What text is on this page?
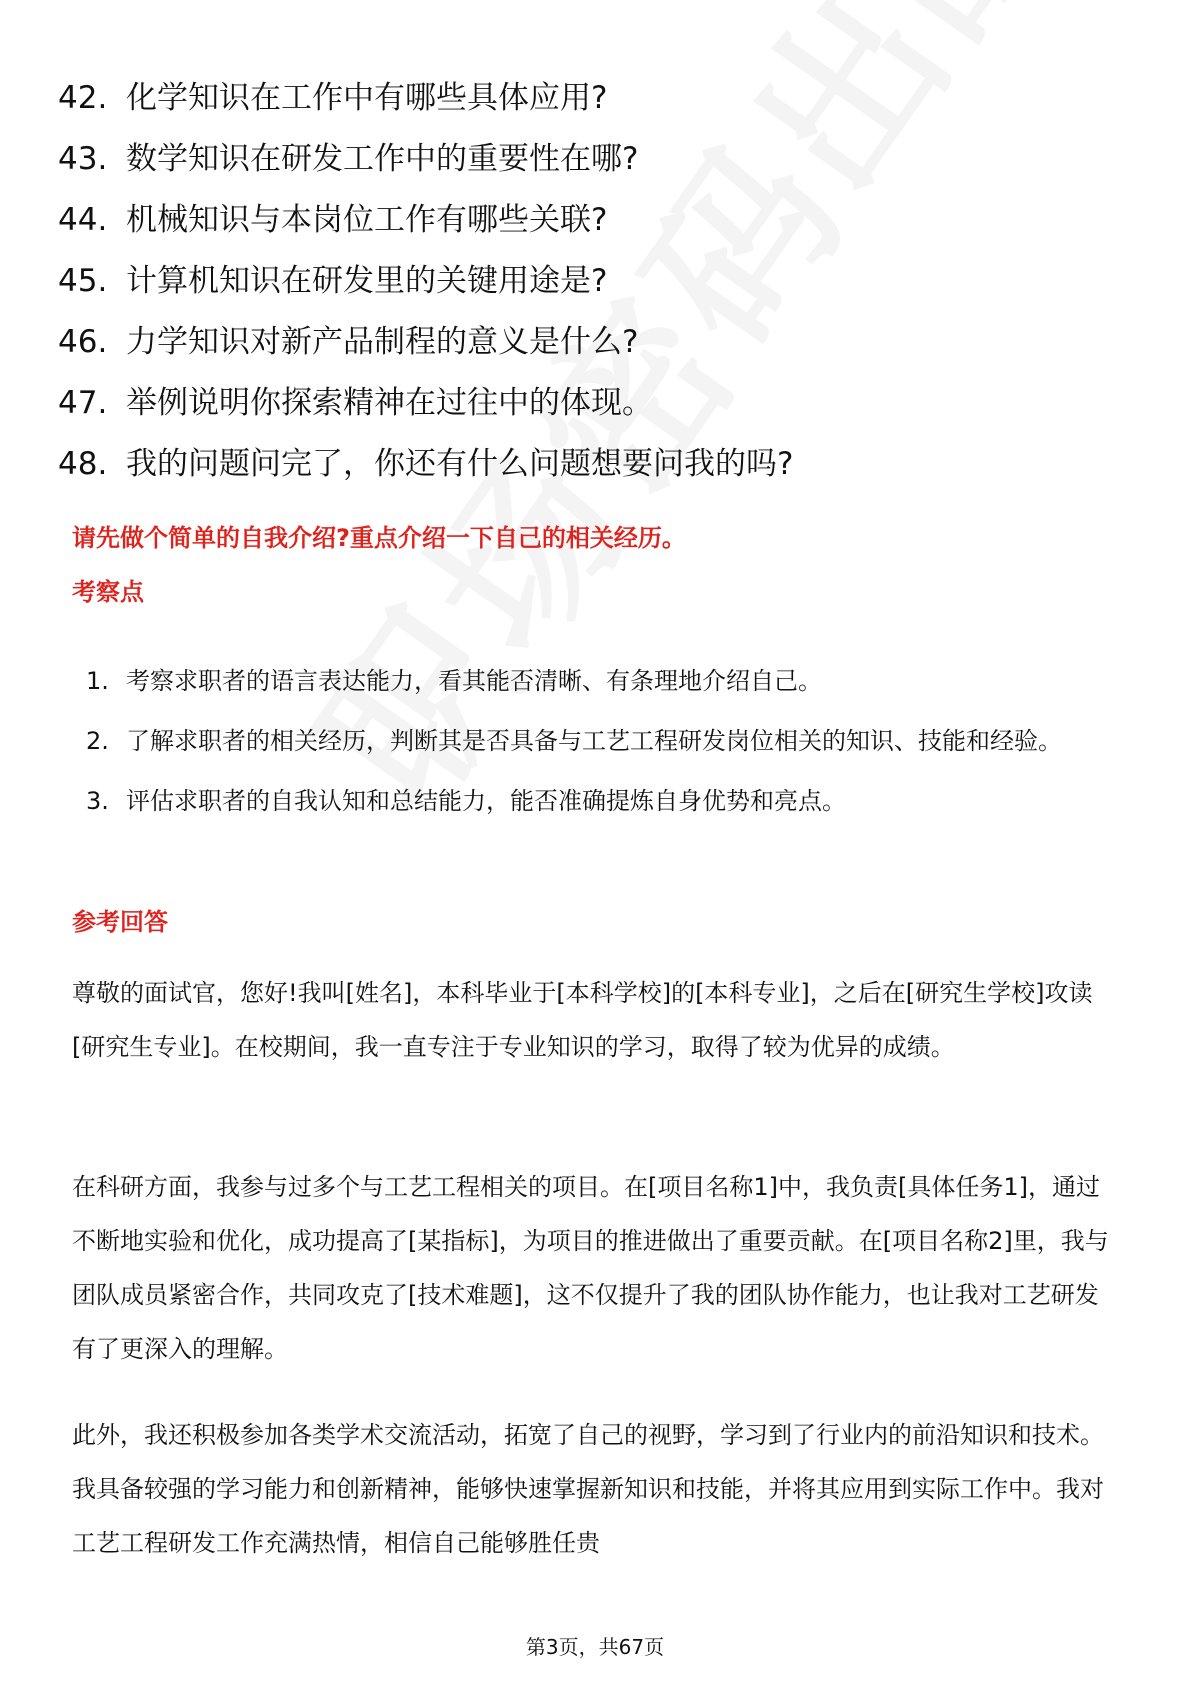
42. 化学知识在工作中有哪些具体应用?
43. 数学知识在研发工作中的重要性在哪?
44. 机械知识与本岗位工作有哪些关联?
45. 计算机知识在研发里的关键用途是?
46. 力学知识对新产品制程的意义是什么?
47. 举例说明你探索精神在过往中的体现。
48. 我的问题问完了，你还有什么问题想要问我的吗?
请先做个简单的自我介绍?重点介绍一下自己的相关经历。
考察点
1. 考察求职者的语言表达能力，看其能否清晰、有条理地介绍自己。
2. 了解求职者的相关经历，判断其是否具备与工艺工程研发岗位相关的知识、技能和经验。
3. 评估求职者的自我认知和总结能力，能否准确提炼自身优势和亮点。
参考回答

尊敬的面试官，您好!我叫[姓名]，本科毕业于[本科学校]的[本科专业]，之后在[研究生学校]攻读[研究生专业]。在校期间，我一直专注于专业知识的学习，取得了较为优异的成绩。

在科研方面，我参与过多个与工艺工程相关的项目。在[项目名称1]中，我负责[具体任务1]，通过不断地实验和优化，成功提高了[某指标]，为项目的推进做出了重要贡献。在[项目名称2]里，我与团队成员紧密合作，共同攻克了[技术难题]，这不仅提升了我的团队协作能力，也让我对工艺研发有了更深入的理解。

此外，我还积极参加各类学术交流活动，拓宽了自己的视野，学习到了行业内的前沿知识和技术。我具备较强的学习能力和创新精神，能够快速掌握新知识和技能，并将其应用到实际工作中。我对工艺工程研发工作充满热情，相信自己能够胜任贵

第3页，共67页
